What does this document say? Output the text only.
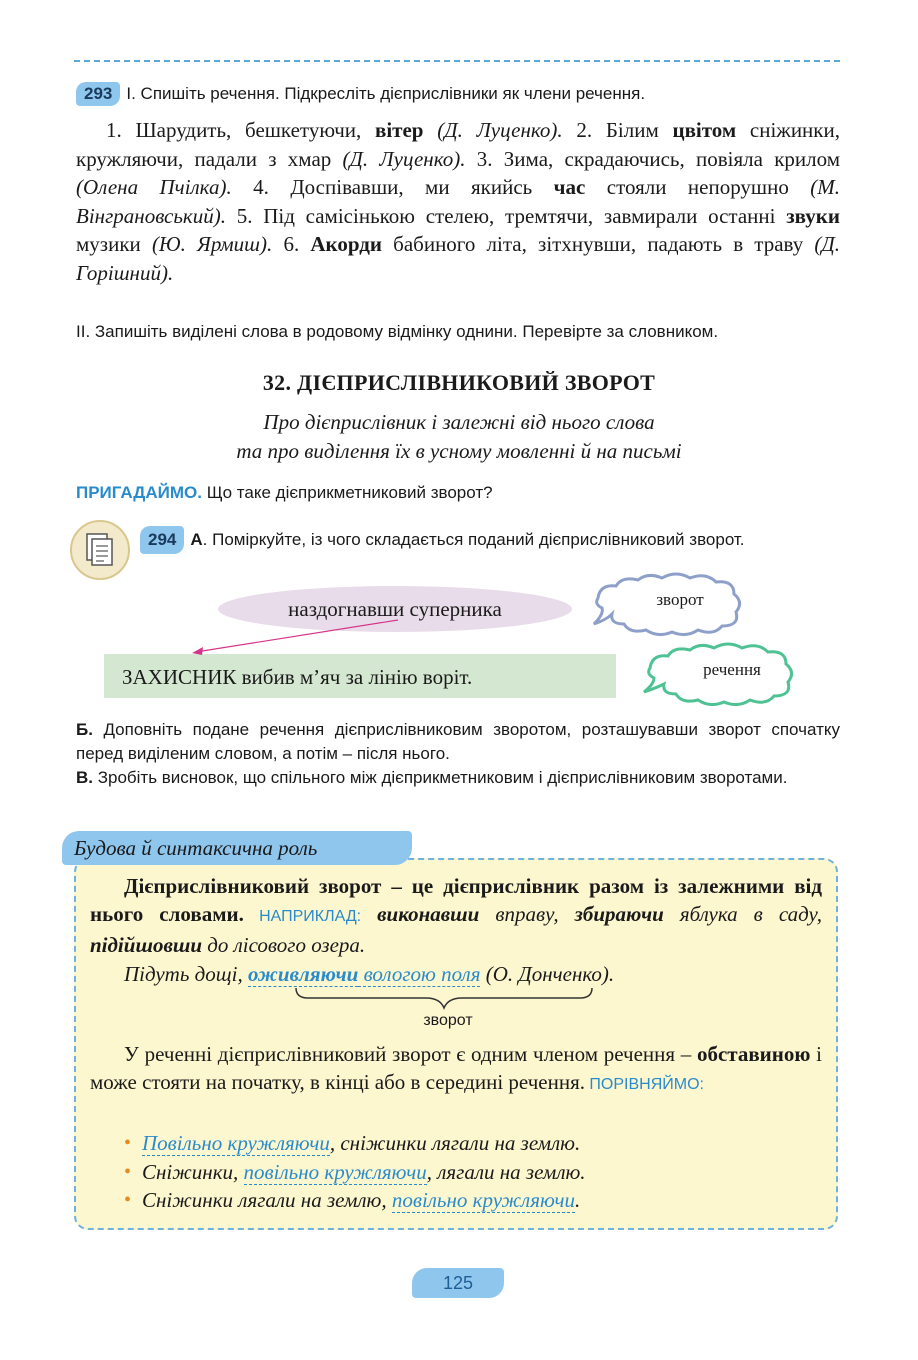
293 І. Спишіть речення. Підкресліть дієприслівники як члени речення.

1. Шарудить, бешкетуючи, вітер (Д. Луценко). 2. Білим цвітом сніжинки, кружляючи, падали з хмар (Д. Луценко). 3. Зима, скрадаючись, повіяла крилом (Олена Пчілка). 4. Доспівавши, ми якийсь час стояли непорушно (М. Вінграновський). 5. Під самісінькою стелею, тремтячи, завмирали останні звуки музики (Ю. Ярмиш). 6. Акорди бабиного літа, зітхнувши, падають в траву (Д. Горішний).

ІІ. Запишіть виділені слова в родовому відмінку однини. Перевірте за словником.
32. ДІЄПРИСЛІВНИКОВИЙ ЗВОРОТ
Про дієприслівник і залежні від нього слова
та про виділення їх в усному мовленні й на письмі
ПРИГАДАЙМО. Що таке дієприкметниковий зворот?
294 А. Поміркуйте, із чого складається поданий дієприслівниковий зворот.
наздогнавши суперника
ЗАХИСНИК вибив м’яч за лінію воріт.
зворот
речення
Б. Доповніть подане речення дієприслівниковим зворотом, розташувавши зворот спочатку перед виділеним словом, а потім – після нього.
В. Зробіть висновок, що спільного між дієприкметниковим і дієприслівниковим зворотами.
Будова й синтаксична роль

Дієприслівниковий зворот – це дієприслівник разом із залежними від нього словами. НАПРИКЛАД: виконавши вправу, збираючи яблука в саду, підійшовши до лісового озера.

Підуть дощі, оживляючи вологою поля (О. Донченко).
зворот

У реченні дієприслівниковий зворот є одним членом речення – обставиною і може стояти на початку, в кінці або в середині речення. ПОРІВНЯЙМО:

• Повільно кружляючи, сніжинки лягали на землю.
• Сніжинки, повільно кружляючи, лягали на землю.
• Сніжинки лягали на землю, повільно кружляючи.
125
